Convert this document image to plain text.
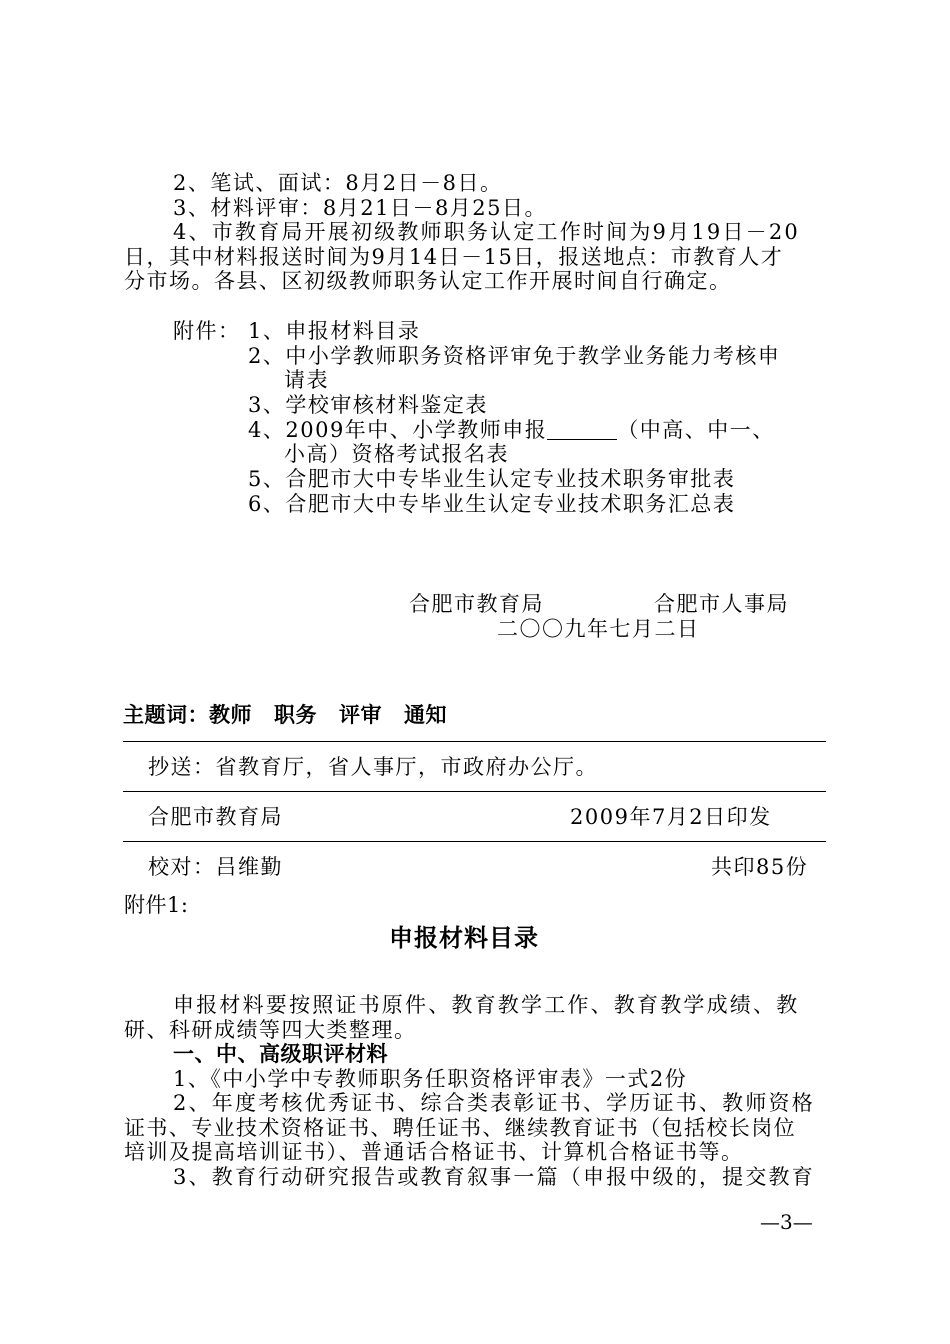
2、笔试、面试：8月2日－8日。
3、材料评审：8月21日－8月25日。
4、市教育局开展初级教师职务认定工作时间为9月19日－20
日，其中材料报送时间为9月14日－15日，报送地点：市教育人才
分市场。各县、区初级教师职务认定工作开展时间自行确定。
附件： 1、申报材料目录
2、中小学教师职务资格评审免于教学业务能力考核申
请表
3、学校审核材料鉴定表
4、2009年中、小学教师申报	（中高、中一、
小高）资格考试报名表
5、合肥市大中专毕业生认定专业技术职务审批表
6、合肥市大中专毕业生认定专业技术职务汇总表
合肥市教育局	合肥市人事局
二〇〇九年七月二日
主题词：教师 职务 评审 通知
抄送：省教育厅，省人事厅，市政府办公厅。
合肥市教育局	2009年7月2日印发
校对：吕维勤	共印85份
附件1:
申报材料目录
申报材料要按照证书原件、教育教学工作、教育教学成绩、教
研、科研成绩等四大类整理。
一、中、高级职评材料
1、《中小学中专教师职务任职资格评审表》一式2份
2、年度考核优秀证书、综合类表彰证书、学历证书、教师资格
证书、专业技术资格证书、聘任证书、继续教育证书（包括校长岗位
培训及提高培训证书）、普通话合格证书、计算机合格证书等。
3、教育行动研究报告或教育叙事一篇（申报中级的，提交教育
—3—
